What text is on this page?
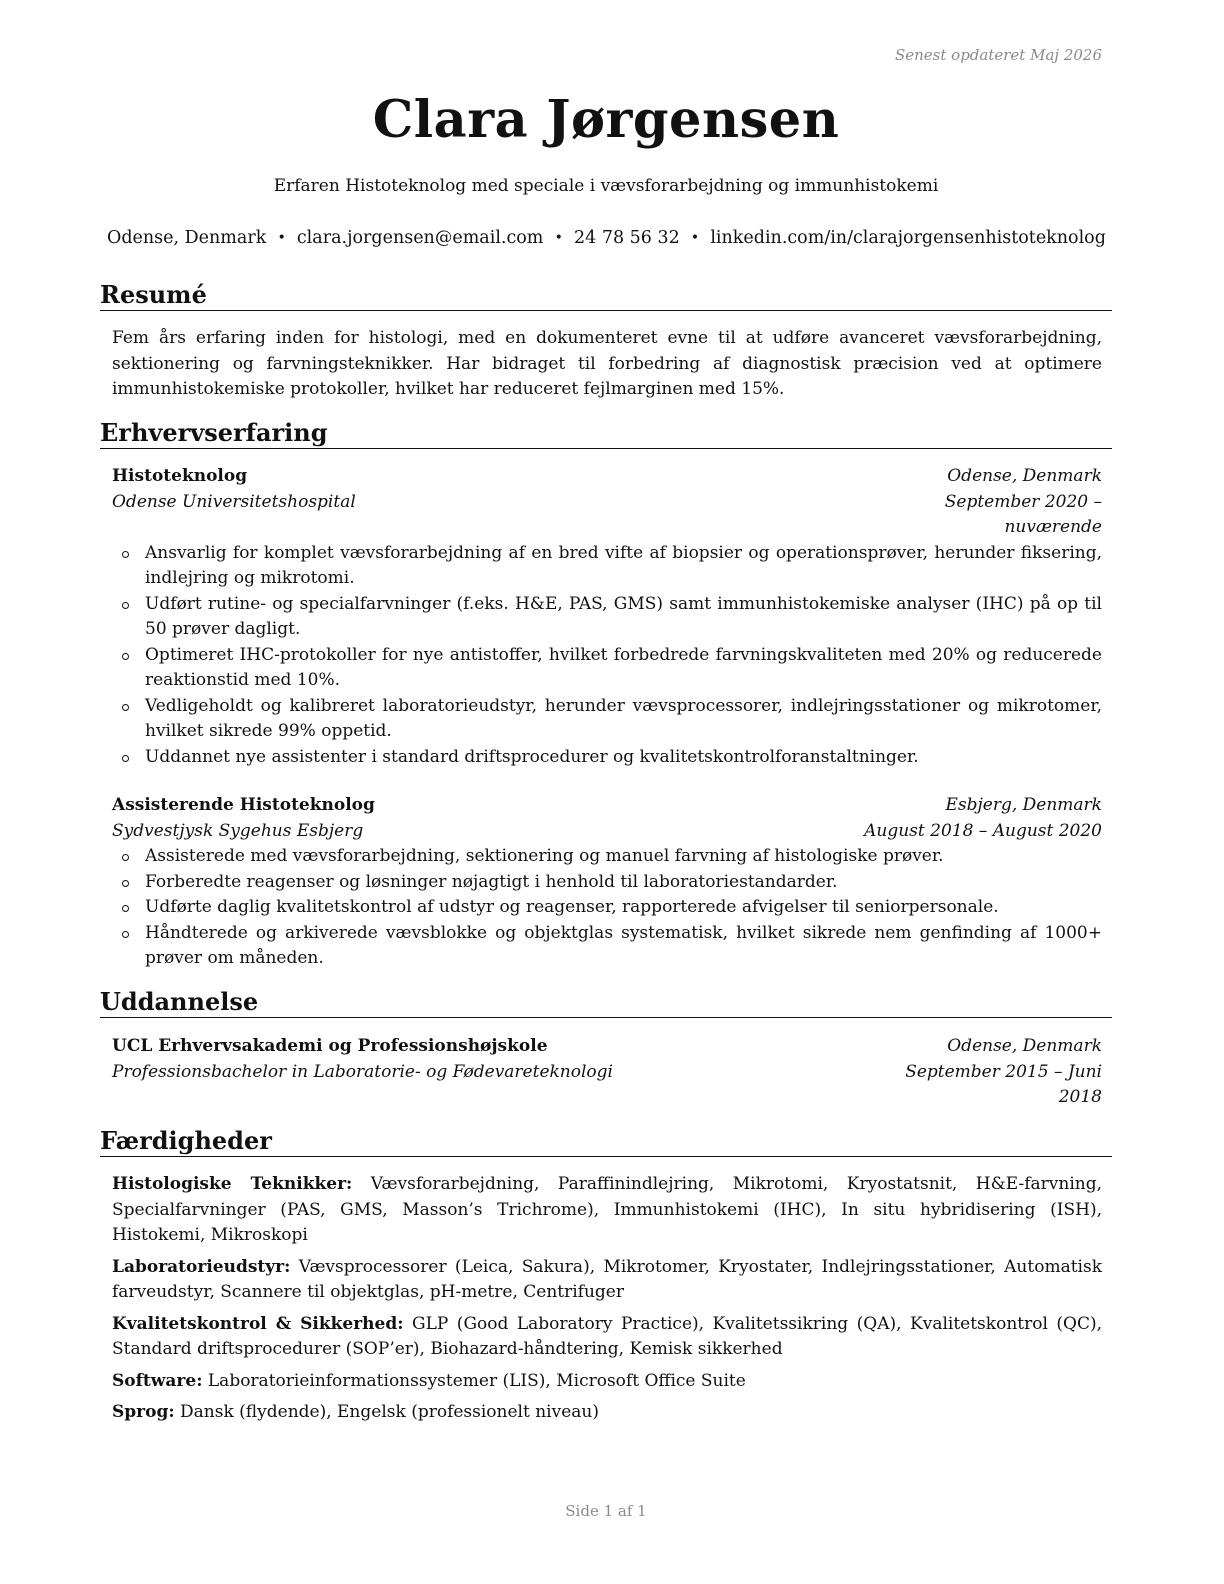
Senest opdateret Maj 2026
Clara Jørgensen

Erfaren Histoteknolog med speciale i vævsforarbejdning og immunhistokemi

Odense, Denmark • clara.jorgensen@email.com • 24 78 56 32 • linkedin.com/in/clarajorgensenhistoteknolog
Resumé

Fem års erfaring inden for histologi, med en dokumenteret evne til at udføre avanceret vævsforarbejdning, sektionering og farvningsteknikker. Har bidraget til forbedring af diagnostisk præcision ved at optimere immunhistokemiske protokoller, hvilket har reduceret fejlmarginen med 15%.

Erhvervserfaring
Histoteknolog	Odense, Denmark
Odense Universitetshospital	September 2020 – nuværende
Ansvarlig for komplet vævsforarbejdning af en bred vifte af biopsier og operationsprøver, herunder fiksering, indlejring og mikrotomi.
Udført rutine- og specialfarvninger (f.eks. H&E, PAS, GMS) samt immunhistokemiske analyser (IHC) på op til 50 prøver dagligt.
Optimeret IHC-protokoller for nye antistoffer, hvilket forbedrede farvningskvaliteten med 20% og reducerede reaktionstid med 10%.
Vedligeholdt og kalibreret laboratorieudstyr, herunder vævsprocessorer, indlejringsstationer og mikrotomer, hvilket sikrede 99% oppetid.
Uddannet nye assistenter i standard driftsprocedurer og kvalitetskontrolforanstaltninger.
Assisterende Histoteknolog	Esbjerg, Denmark
Sydvestjysk Sygehus Esbjerg	August 2018 – August 2020
Assisterede med vævsforarbejdning, sektionering og manuel farvning af histologiske prøver.
Forberedte reagenser og løsninger nøjagtigt i henhold til laboratoriestandarder.
Udførte daglig kvalitetskontrol af udstyr og reagenser, rapporterede afvigelser til seniorpersonale.
Håndterede og arkiverede vævsblokke og objektglas systematisk, hvilket sikrede nem genfinding af 1000+ prøver om måneden.
Uddannelse
UCL Erhvervsakademi og Professionshøjskole	Odense, Denmark
Professionsbachelor in Laboratorie- og Fødevareteknologi	September 2015 – Juni 2018
Færdigheder

Histologiske Teknikker: Vævsforarbejdning, Paraffinindlejring, Mikrotomi, Kryostatsnit, H&E-farvning, Specialfarvninger (PAS, GMS, Masson’s Trichrome), Immunhistokemi (IHC), In situ hybridisering (ISH), Histokemi, Mikroskopi

Laboratorieudstyr: Vævsprocessorer (Leica, Sakura), Mikrotomer, Kryostater, Indlejringsstationer, Automatisk farveudstyr, Scannere til objektglas, pH-metre, Centrifuger

Kvalitetskontrol & Sikkerhed: GLP (Good Laboratory Practice), Kvalitetssikring (QA), Kvalitetskontrol (QC), Standard driftsprocedurer (SOP’er), Biohazard-håndtering, Kemisk sikkerhed

Software: Laboratorieinformationssystemer (LIS), Microsoft Office Suite

Sprog: Dansk (flydende), Engelsk (professionelt niveau)

Side 1 af 1
